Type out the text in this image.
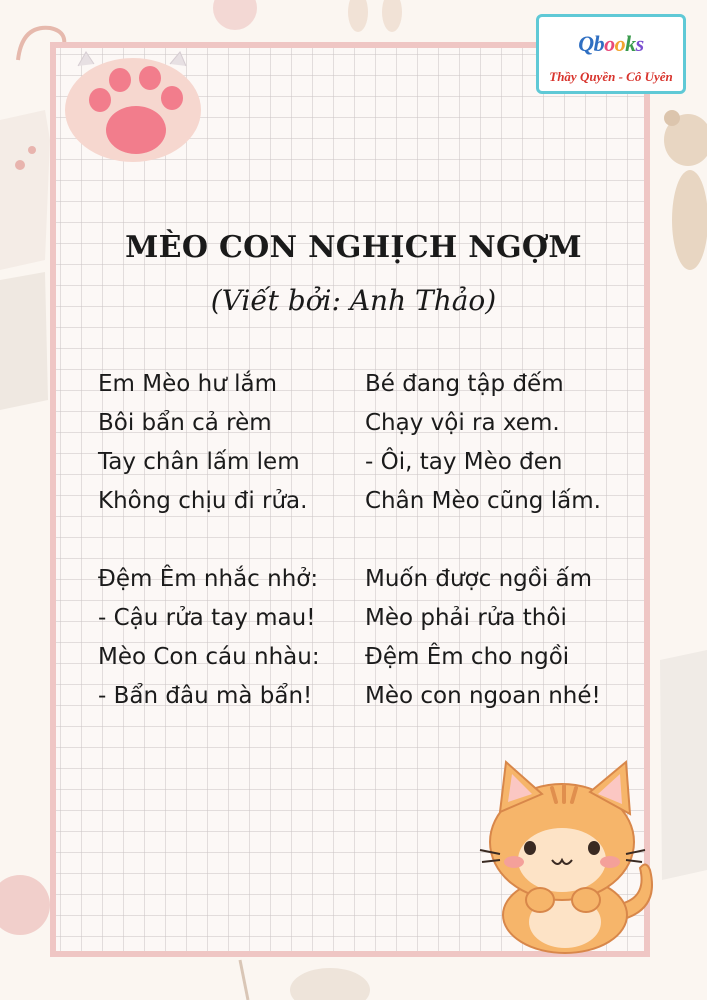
Qbooks
Thầy Quyền - Cô Uyên
MÈO CON NGHỊCH NGỢM
(Viết bởi: Anh Thảo)
Em Mèo hư lắm
Bôi bẩn cả rèm
Tay chân lấm lem
Không chịu đi rửa.
Bé đang tập đếm
Chạy vội ra xem.
- Ôi, tay Mèo đen
Chân Mèo cũng lấm.
Đệm Êm nhắc nhở:
- Cậu rửa tay mau!
Mèo Con cáu nhàu:
- Bẩn đâu mà bẩn!
Muốn được ngồi ấm
Mèo phải rửa thôi
Đệm Êm cho ngồi
Mèo con ngoan nhé!
